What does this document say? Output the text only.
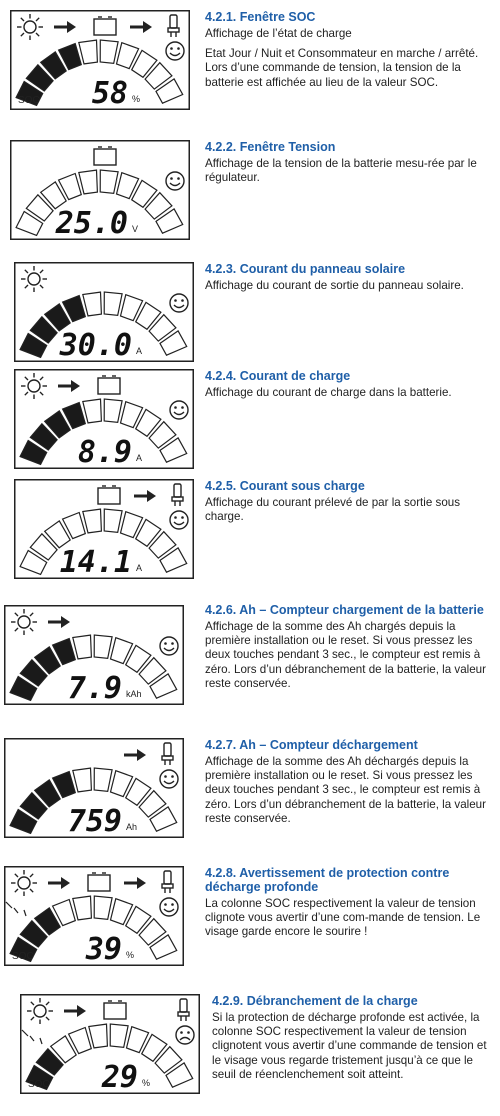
SOC 58 %

4.2.1. Fenêtre SOC

Affichage de l’état de charge

Etat Jour / Nuit et Consommateur en marche / arrêté. Lors d’une commande de tension, la tension de la batterie est affichée au lieu de la valeur SOC.

25.0 V

4.2.2. Fenêtre Tension

Affichage de la tension de la batterie mesu-rée par le régulateur.

30.0 A

4.2.3. Courant du panneau solaire

Affichage du courant de sortie du panneau solaire.

8.9 A

4.2.4. Courant de charge

Affichage du courant de charge dans la batterie.

14.1 A

4.2.5. Courant sous charge

Affichage du courant prélevé de par la sortie sous charge.

7.9 kAh

4.2.6. Ah – Compteur chargement de la batterie

Affichage de la somme des Ah chargés depuis la première installation ou le reset. Si vous pressez les deux touches pendant 3 sec., le compteur est remis à zéro. Lors d’un débranchement de la batterie, la valeur reste conservée.

759 Ah

4.2.7. Ah – Compteur déchargement

Affichage de la somme des Ah déchargés depuis la première installation ou le reset. Si vous pressez les deux touches pendant 3 sec., le compteur est remis à zéro. Lors d’un débranchement de la batterie, la valeur reste conservée.

SOC 39 %

4.2.8. Avertissement de protection contre décharge profonde

La colonne SOC respectivement la valeur de tension clignote vous avertir d’une com-mande de tension. Le visage garde encore le sourire !

SOC 29 %

4.2.9. Débranchement de la charge

Si la protection de décharge profonde est activée, la colonne SOC respectivement la valeur de tension clignotent vous avertir d’une commande de tension et le visage vous regarde tristement jusqu’à ce que le seuil de réenclenchement soit atteint.
